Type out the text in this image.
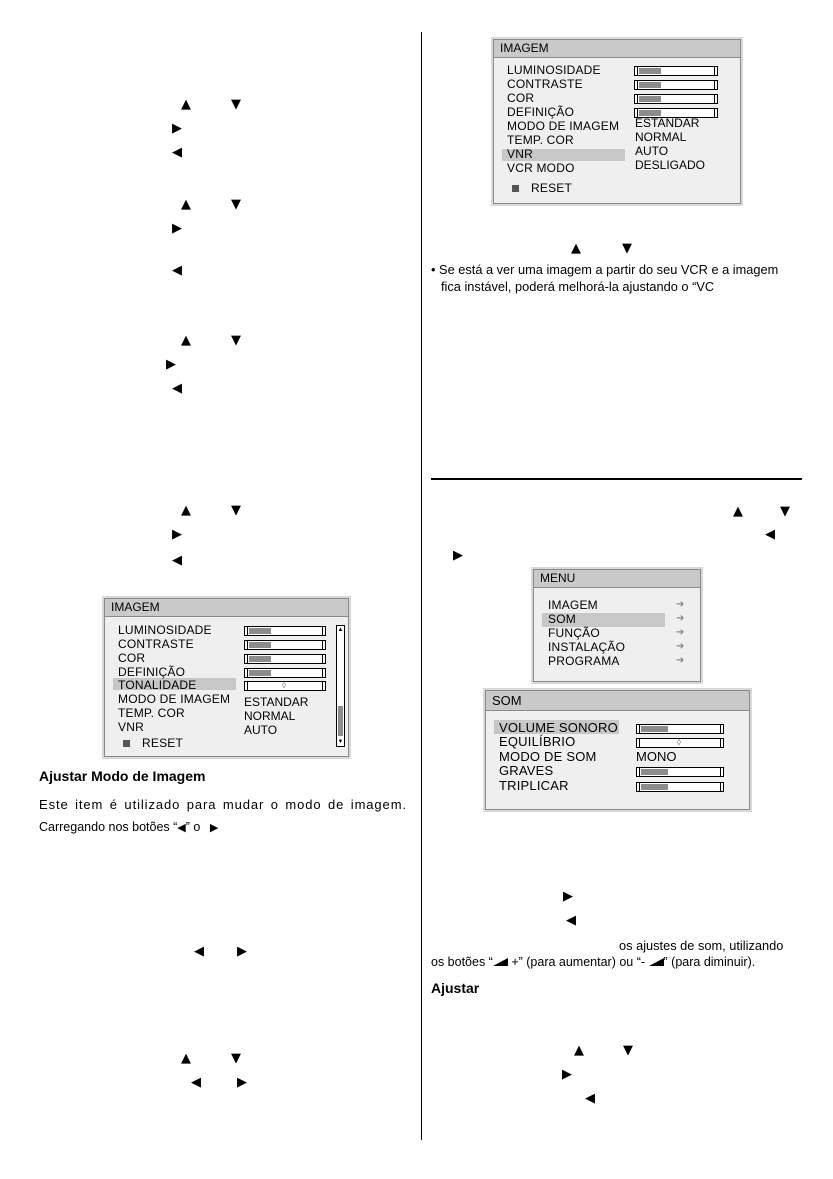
▲	▼
▶
◀
▲	▼
▶
◀
▲	▼
▶
◀
▲	▼
▶
◀
◀	▶
▲	▼
◀	▶
IMAGEM
LUMINOSIDADE
CONTRASTE
COR
DEFINIÇÃO
MODO DE IMAGEM ESTANDAR
TEMP. COR	NORMAL
VNR	AUTO
VCR MODO	DESLIGADO
RESET
IMAGEM
LUMINOSIDADE
CONTRASTE
COR
DEFINIÇÃO
TONALIDADE	◊
MODO DE IMAGEM ESTANDAR
TEMP. COR	NORMAL
VNR	AUTO
▲
▼
RESET
MENU
IMAGEM	➔
SOM	➔
FUNÇÃO	➔
INSTALAÇÃO	➔
PROGRAMA	➔
SOM
VOLUME SONORO
EQUILÍBRIO	◊
MODO DE SOM	MONO
GRAVES
TRIPLICAR
Ajustar Modo de Imagem
Este item é utilizado para mudar o modo de imagem.
Carregando nos botões “◀” o ▶
• Se está a ver uma imagem a partir do seu VCR e a imagem
fica instável, poderá melhorá-la ajustando o “VC
os ajustes de som, utilizando
os botões “ +” (para aumentar) ou “- ” (para diminuir).
Ajustar
▲	▼
▲	▼
◀
▶
▶
◀
▲	▼
▶
◀
